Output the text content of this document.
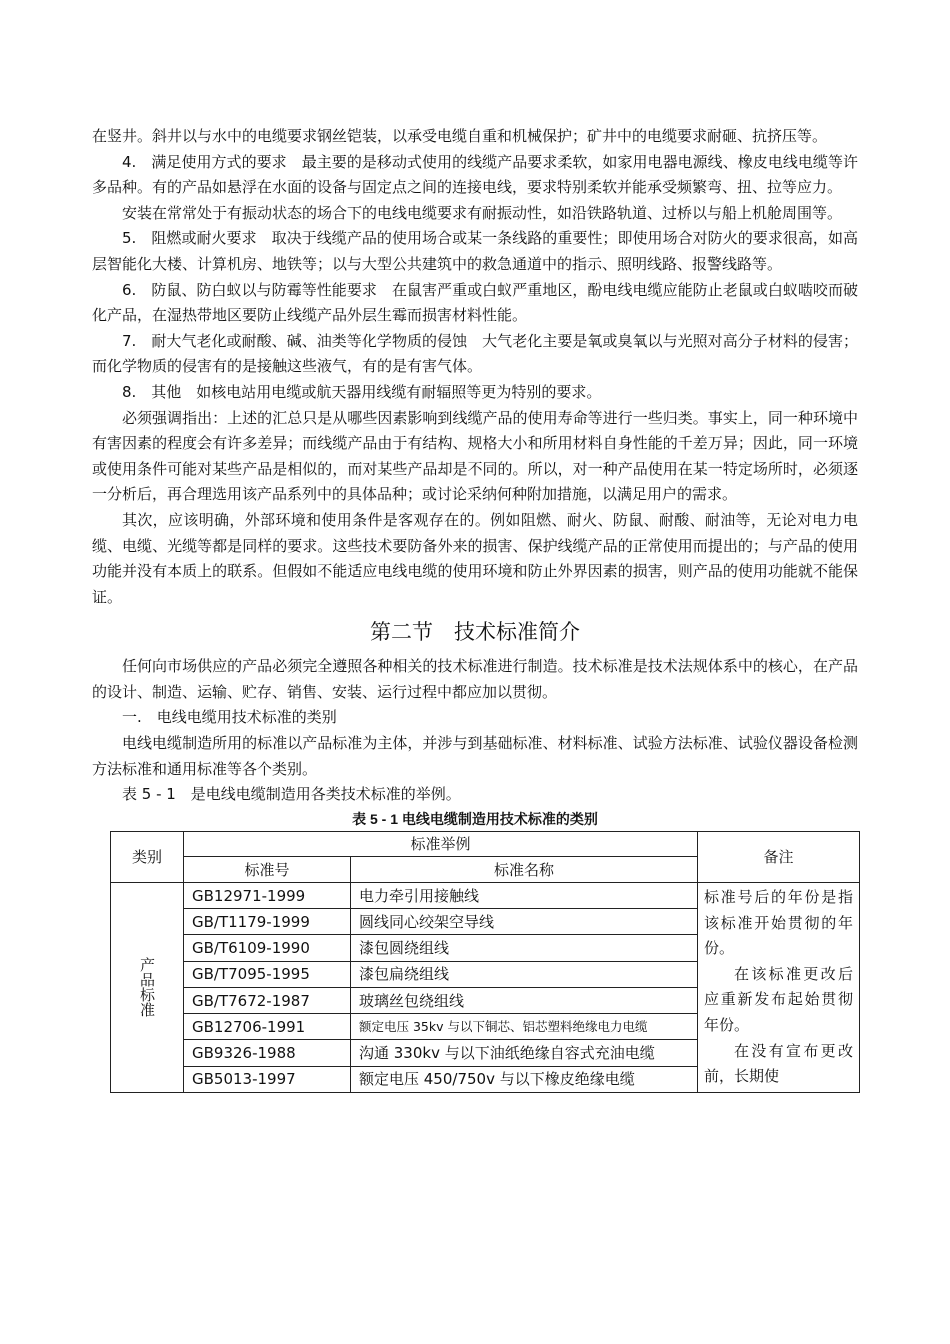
在竖井。斜井以与水中的电缆要求钢丝铠装，以承受电缆自重和机械保护；矿井中的电缆要求耐砸、抗挤压等。

4.　满足使用方式的要求　最主要的是移动式使用的线缆产品要求柔软，如家用电器电源线、橡皮电线电缆等许多品种。有的产品如悬浮在水面的设备与固定点之间的连接电线，要求特别柔软并能承受频繁弯、扭、拉等应力。

安装在常常处于有振动状态的场合下的电线电缆要求有耐振动性，如沿铁路轨道、过桥以与船上机舱周围等。

5.　阻燃或耐火要求　取决于线缆产品的使用场合或某一条线路的重要性；即使用场合对防火的要求很高，如高层智能化大楼、计算机房、地铁等；以与大型公共建筑中的救急通道中的指示、照明线路、报警线路等。

6.　防鼠、防白蚁以与防霉等性能要求　在鼠害严重或白蚁严重地区，酚电线电缆应能防止老鼠或白蚁啮咬而破化产品，在湿热带地区要防止线缆产品外层生霉而损害材料性能。

7.　耐大气老化或耐酸、碱、油类等化学物质的侵蚀　大气老化主要是氧或臭氧以与光照对高分子材料的侵害；而化学物质的侵害有的是接触这些液气，有的是有害气体。

8.　其他　如核电站用电缆或航天器用线缆有耐辐照等更为特别的要求。

必须强调指出：上述的汇总只是从哪些因素影响到线缆产品的使用寿命等进行一些归类。事实上，同一种环境中有害因素的程度会有许多差异；而线缆产品由于有结构、规格大小和所用材料自身性能的千差万异；因此，同一环境或使用条件可能对某些产品是相似的，而对某些产品却是不同的。所以，对一种产品使用在某一特定场所时，必须逐一分析后，再合理选用该产品系列中的具体品种；或讨论采纳何种附加措施，以满足用户的需求。

其次，应该明确，外部环境和使用条件是客观存在的。例如阻燃、耐火、防鼠、耐酸、耐油等，无论对电力电缆、电缆、光缆等都是同样的要求。这些技术要防备外来的损害、保护线缆产品的正常使用而提出的；与产品的使用功能并没有本质上的联系。但假如不能适应电线电缆的使用环境和防止外界因素的损害，则产品的使用功能就不能保证。

第二节　技术标准简介

任何向市场供应的产品必须完全遵照各种相关的技术标准进行制造。技术标准是技术法规体系中的核心，在产品的设计、制造、运输、贮存、销售、安装、运行过程中都应加以贯彻。

一.　电线电缆用技术标准的类别

电线电缆制造所用的标准以产品标准为主体，并涉与到基础标准、材料标准、试验方法标准、试验仪器设备检测方法标准和通用标准等各个类别。

表 5 - 1　是电线电缆制造用各类技术标准的举例。

表 5 - 1 电线电缆制造用技术标准的类别
类别	标准举例		备注
	标准号	标准名称	

产品标准	GB12971-1999	电力牵引用接触线	标准号后的年份是指该标准开始贯彻的年份。

在该标准更改后应重新发布起始贯彻年份。

在没有宣布更改前，长期使

	GB/T1179-1999	圆线同心绞架空导线	
	GB/T6109-1990	漆包圆绕组线	
	GB/T7095-1995	漆包扁绕组线	
	GB/T7672-1987	玻璃丝包绕组线	
	GB12706-1991	额定电压 35kv 与以下铜芯、铝芯塑料绝缘电力电缆	
	GB9326-1988	沟通 330kv 与以下油纸绝缘自容式充油电缆	
	GB5013-1997	额定电压 450/750v 与以下橡皮绝缘电缆	
